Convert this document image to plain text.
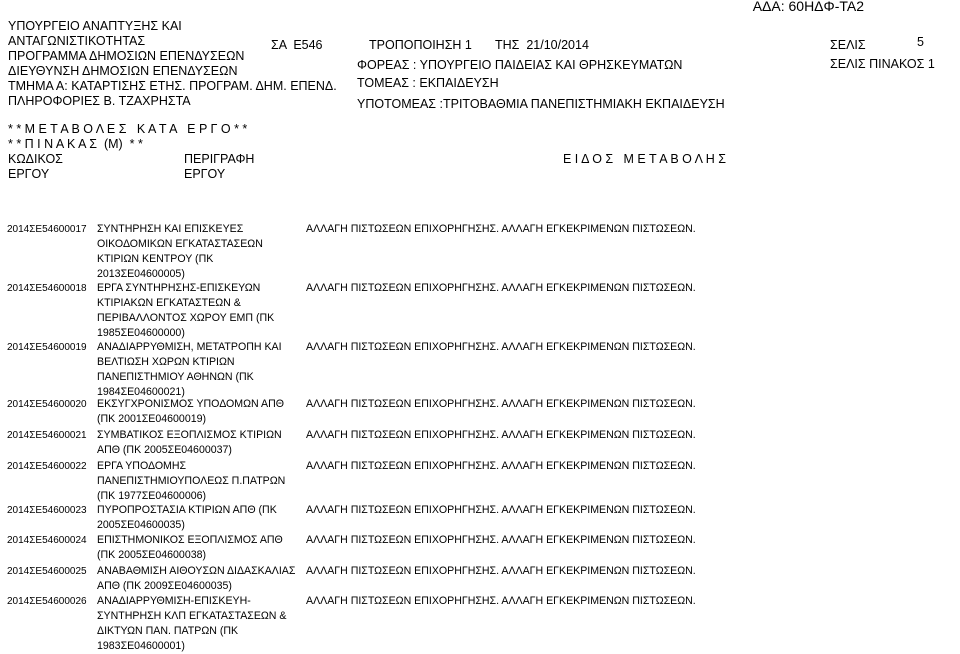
ΑΔΑ: 60ΗΔΦ-ΤΑ2
ΥΠΟΥΡΓΕΙΟ ΑΝΑΠΤΥΞΗΣ ΚΑΙ
ΑΝΤΑΓΩΝΙΣΤΙΚΟΤΗΤΑΣ
ΠΡΟΓΡΑΜΜΑ ΔΗΜΟΣΙΩΝ ΕΠΕΝΔΥΣΕΩΝ
ΔΙΕΥΘΥΝΣΗ ΔΗΜΟΣΙΩΝ ΕΠΕΝΔΥΣΕΩΝ
ΤΜΗΜΑ Α: ΚΑΤΑΡΤΙΣΗΣ ΕΤΗΣ. ΠΡΟΓΡΑΜ. ΔΗΜ. ΕΠΕΝΔ.
ΠΛΗΡΟΦΟΡΙΕΣ Β. ΤΖΑΧΡΗΣΤΑ
ΣΑ  Ε546	ΤΡΟΠΟΠΟΙΗΣΗ 1 ΤΗΣ  21/10/2014
ΦΟΡΕΑΣ : ΥΠΟΥΡΓΕΙΟ ΠΑΙΔΕΙΑΣ ΚΑΙ ΘΡΗΣΚΕΥΜΑΤΩΝ
ΤΟΜΕΑΣ : ΕΚΠΑΙΔΕΥΣΗ
ΥΠΟΤΟΜΕΑΣ :ΤΡΙΤΟΒΑΘΜΙΑ ΠΑΝΕΠΙΣΤΗΜΙΑΚΗ ΕΚΠΑΙΔΕΥΣΗ
ΣΕΛΙΣ	5
ΣΕΛΙΣ ΠΙΝΑΚΟΣ 1
* * Μ Ε Τ Α Β Ο Λ Ε Σ   Κ Α Τ Α   Ε Ρ Γ Ο * *
* * Π Ι Ν Α Κ Α Σ  (Μ)  * *
ΚΩΔΙΚΟΣ
ΕΡΓΟΥ
ΠΕΡΙΓΡΑΦΗ
ΕΡΓΟΥ
Ε Ι Δ Ο Σ   Μ Ε Τ Α Β Ο Λ Η Σ
2014ΣΕ54600017 ΣΥΝΤΗΡΗΣΗ ΚΑΙ ΕΠΙΣΚΕΥΕΣ
ΟΙΚΟΔΟΜΙΚΩΝ ΕΓΚΑΤΑΣΤΑΣΕΩΝ
ΚΤΙΡΙΩΝ ΚΕΝΤΡΟΥ (ΠΚ
2013ΣΕ04600005)
ΑΛΛΑΓΗ ΠΙΣΤΩΣΕΩΝ ΕΠΙΧΟΡΗΓΗΣΗΣ. ΑΛΛΑΓΗ ΕΓΚΕΚΡΙΜΕΝΩΝ ΠΙΣΤΩΣΕΩΝ.
2014ΣΕ54600018 ΕΡΓΑ ΣΥΝΤΗΡΗΣΗΣ-ΕΠΙΣΚΕΥΩΝ
ΚΤΙΡΙΑΚΩΝ ΕΓΚΑΤΑΣΤΕΩΝ &
ΠΕΡΙΒΑΛΛΟΝΤΟΣ ΧΩΡΟΥ ΕΜΠ (ΠΚ
1985ΣΕ04600000)
ΑΛΛΑΓΗ ΠΙΣΤΩΣΕΩΝ ΕΠΙΧΟΡΗΓΗΣΗΣ. ΑΛΛΑΓΗ ΕΓΚΕΚΡΙΜΕΝΩΝ ΠΙΣΤΩΣΕΩΝ.
2014ΣΕ54600019 ΑΝΑΔΙΑΡΡΥΘΜΙΣΗ, ΜΕΤΑΤΡΟΠΗ ΚΑΙ
ΒΕΛΤΙΩΣΗ ΧΩΡΩΝ ΚΤΙΡΙΩΝ
ΠΑΝΕΠΙΣΤΗΜΙΟΥ ΑΘΗΝΩΝ (ΠΚ
1984ΣΕ04600021)
ΑΛΛΑΓΗ ΠΙΣΤΩΣΕΩΝ ΕΠΙΧΟΡΗΓΗΣΗΣ. ΑΛΛΑΓΗ ΕΓΚΕΚΡΙΜΕΝΩΝ ΠΙΣΤΩΣΕΩΝ.
2014ΣΕ54600020 ΕΚΣΥΓΧΡΟΝΙΣΜΟΣ ΥΠΟΔΟΜΩΝ ΑΠΘ
(ΠΚ 2001ΣΕ04600019)
ΑΛΛΑΓΗ ΠΙΣΤΩΣΕΩΝ ΕΠΙΧΟΡΗΓΗΣΗΣ. ΑΛΛΑΓΗ ΕΓΚΕΚΡΙΜΕΝΩΝ ΠΙΣΤΩΣΕΩΝ.
2014ΣΕ54600021 ΣΥΜΒΑΤΙΚΟΣ ΕΞΟΠΛΙΣΜΟΣ ΚΤΙΡΙΩΝ
ΑΠΘ (ΠΚ 2005ΣΕ04600037)
ΑΛΛΑΓΗ ΠΙΣΤΩΣΕΩΝ ΕΠΙΧΟΡΗΓΗΣΗΣ. ΑΛΛΑΓΗ ΕΓΚΕΚΡΙΜΕΝΩΝ ΠΙΣΤΩΣΕΩΝ.
2014ΣΕ54600022 ΕΡΓΑ ΥΠΟΔΟΜΗΣ
ΠΑΝΕΠΙΣΤΗΜΙΟΥΠΟΛΕΩΣ Π.ΠΑΤΡΩΝ
(ΠΚ 1977ΣΕ04600006)
ΑΛΛΑΓΗ ΠΙΣΤΩΣΕΩΝ ΕΠΙΧΟΡΗΓΗΣΗΣ. ΑΛΛΑΓΗ ΕΓΚΕΚΡΙΜΕΝΩΝ ΠΙΣΤΩΣΕΩΝ.
2014ΣΕ54600023 ΠΥΡΟΠΡΟΣΤΑΣΙΑ ΚΤΙΡΙΩΝ ΑΠΘ (ΠΚ
2005ΣΕ04600035)
ΑΛΛΑΓΗ ΠΙΣΤΩΣΕΩΝ ΕΠΙΧΟΡΗΓΗΣΗΣ. ΑΛΛΑΓΗ ΕΓΚΕΚΡΙΜΕΝΩΝ ΠΙΣΤΩΣΕΩΝ.
2014ΣΕ54600024 ΕΠΙΣΤΗΜΟΝΙΚΟΣ ΕΞΟΠΛΙΣΜΟΣ ΑΠΘ
(ΠΚ 2005ΣΕ04600038)
ΑΛΛΑΓΗ ΠΙΣΤΩΣΕΩΝ ΕΠΙΧΟΡΗΓΗΣΗΣ. ΑΛΛΑΓΗ ΕΓΚΕΚΡΙΜΕΝΩΝ ΠΙΣΤΩΣΕΩΝ.
2014ΣΕ54600025 ΑΝΑΒΑΘΜΙΣΗ ΑΙΘΟΥΣΩΝ ΔΙΔΑΣΚΑΛΙΑΣ
ΑΠΘ (ΠΚ 2009ΣΕ04600035)
ΑΛΛΑΓΗ ΠΙΣΤΩΣΕΩΝ ΕΠΙΧΟΡΗΓΗΣΗΣ. ΑΛΛΑΓΗ ΕΓΚΕΚΡΙΜΕΝΩΝ ΠΙΣΤΩΣΕΩΝ.
2014ΣΕ54600026 ΑΝΑΔΙΑΡΡΥΘΜΙΣΗ-ΕΠΙΣΚΕΥΗ-
ΣΥΝΤΗΡΗΣΗ ΚΛΠ ΕΓΚΑΤΑΣΤΑΣΕΩΝ &
ΔΙΚΤΥΩΝ ΠΑΝ. ΠΑΤΡΩΝ (ΠΚ
1983ΣΕ04600001)
ΑΛΛΑΓΗ ΠΙΣΤΩΣΕΩΝ ΕΠΙΧΟΡΗΓΗΣΗΣ. ΑΛΛΑΓΗ ΕΓΚΕΚΡΙΜΕΝΩΝ ΠΙΣΤΩΣΕΩΝ.
